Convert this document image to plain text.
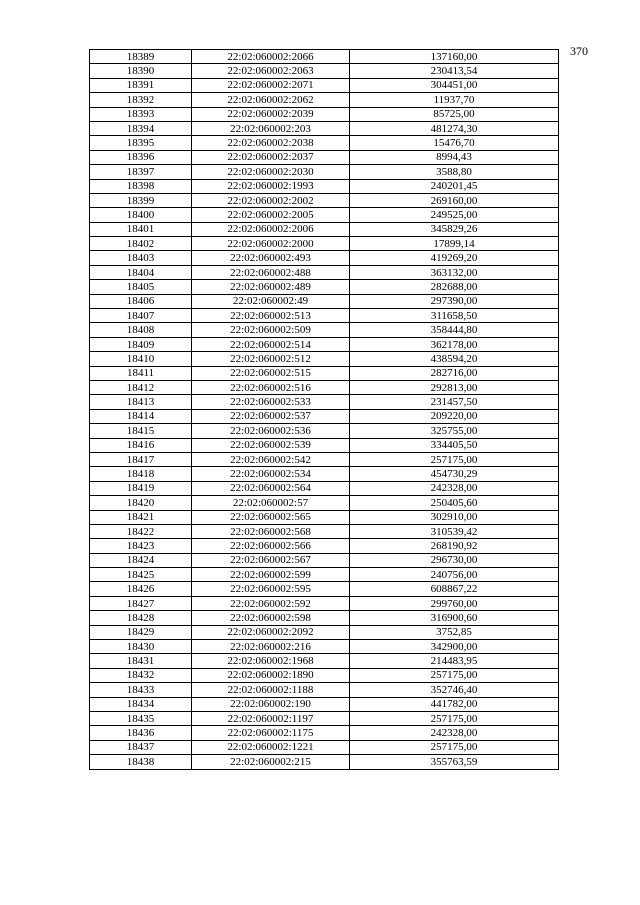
370
18389	22:02:060002:2066	137160,00
18390	22:02:060002:2063	230413,54
18391	22:02:060002:2071	304451,00
18392	22:02:060002:2062	11937,70
18393	22:02:060002:2039	85725,00
18394	22:02:060002:203	481274,30
18395	22:02:060002:2038	15476,70
18396	22:02:060002:2037	8994,43
18397	22:02:060002:2030	3588,80
18398	22:02:060002:1993	240201,45
18399	22:02:060002:2002	269160,00
18400	22:02:060002:2005	249525,00
18401	22:02:060002:2006	345829,26
18402	22:02:060002:2000	17899,14
18403	22:02:060002:493	419269,20
18404	22:02:060002:488	363132,00
18405	22:02:060002:489	282688,00
18406	22:02:060002:49	297390,00
18407	22:02:060002:513	311658,50
18408	22:02:060002:509	358444,80
18409	22:02:060002:514	362178,00
18410	22:02:060002:512	438594,20
18411	22:02:060002:515	282716,00
18412	22:02:060002:516	292813,00
18413	22:02:060002:533	231457,50
18414	22:02:060002:537	209220,00
18415	22:02:060002:536	325755,00
18416	22:02:060002:539	334405,50
18417	22:02:060002:542	257175,00
18418	22:02:060002:534	454730,29
18419	22:02:060002:564	242328,00
18420	22:02:060002:57	250405,60
18421	22:02:060002:565	302910,00
18422	22:02:060002:568	310539,42
18423	22:02:060002:566	268190,92
18424	22:02:060002:567	296730,00
18425	22:02:060002:599	240756,00
18426	22:02:060002:595	608867,22
18427	22:02:060002:592	299760,00
18428	22:02:060002:598	316900,60
18429	22:02:060002:2092	3752,85
18430	22:02:060002:216	342900,00
18431	22:02:060002:1968	214483,95
18432	22:02:060002:1890	257175,00
18433	22:02:060002:1188	352746,40
18434	22:02:060002:190	441782,00
18435	22:02:060002:1197	257175,00
18436	22:02:060002:1175	242328,00
18437	22:02:060002:1221	257175,00
18438	22:02:060002:215	355763,59
